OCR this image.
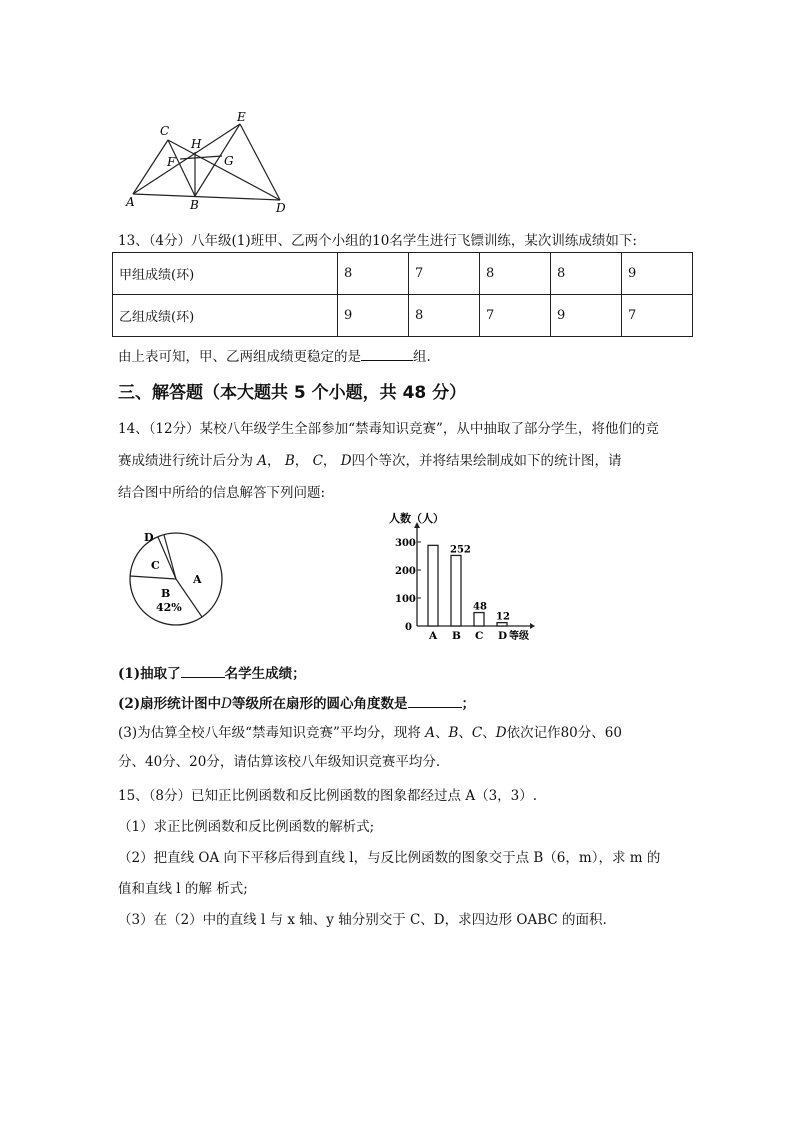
C
H
E
F	G
A	B	D
13、（4分）八年级(1)班甲、乙两个小组的10名学生进行飞镖训练，某次训练成绩如下:
甲组成绩(环)	8	7	8	8	9
乙组成绩(环)	9	8	7	9	7
由上表可知，甲、乙两组成绩更稳定的是	组.
三、解答题（本大题共 5 个小题，共 48 分）
14、（12分）某校八年级学生全部参加“禁毒知识竞赛”，从中抽取了部分学生，将他们的竞
赛成绩进行统计后分为 A， B， C， D四个等次，并将结果绘制成如下的统计图，请
结合图中所给的信息解答下列问题:
D
C
A
B
42%
人数（人）
等级
0
100
200
300
A B
252
C
48
D
12
(1)抽取了	名学生成绩；
(2)扇形统计图中D等级所在扇形的圆心角度数是	；
(3)为估算全校八年级“禁毒知识竞赛”平均分，现将 A、B、C、D依次记作80分、60
分、40分、20分，请估算该校八年级知识竞赛平均分.
15、（8分）已知正比例函数和反比例函数的图象都经过点 A（3，3）.
（1）求正比例函数和反比例函数的解析式;
（2）把直线 OA 向下平移后得到直线 l，与反比例函数的图象交于点 B（6，m），求 m 的
值和直线 l 的解 析式;
（3）在（2）中的直线 l 与 x 轴、y 轴分别交于 C、D，求四边形 OABC 的面积.
